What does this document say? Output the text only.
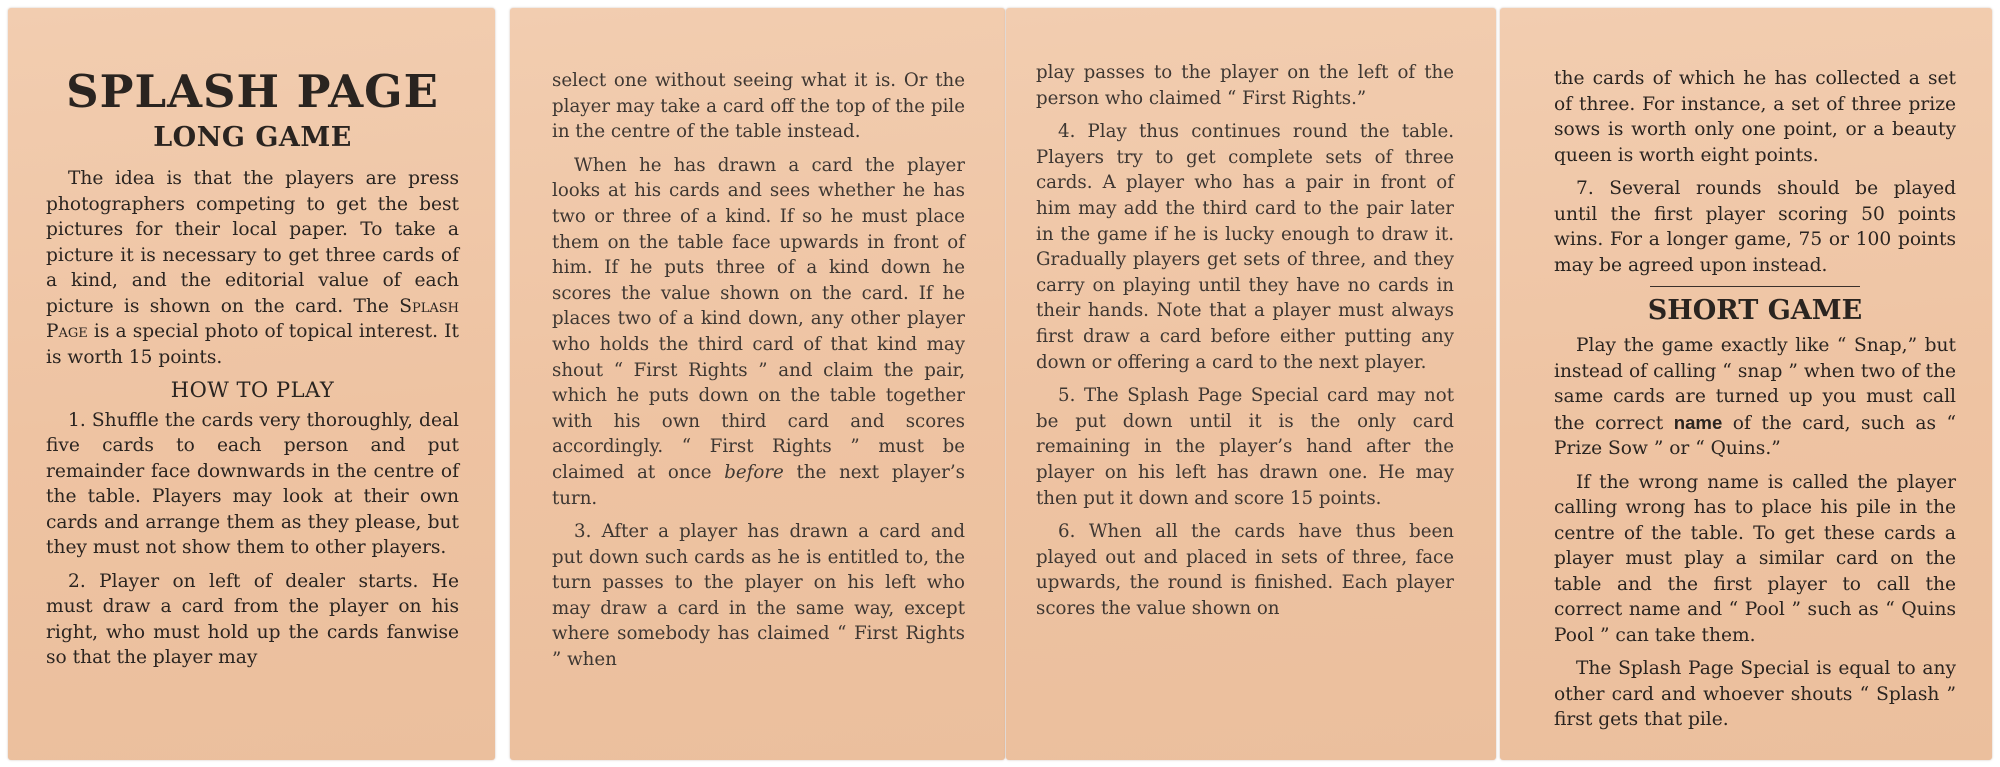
SPLASH PAGE
LONG GAME

The idea is that the players are press photographers competing to get the best pictures for their local paper. To take a picture it is necessary to get three cards of a kind, and the editorial value of each picture is shown on the card. The Splash Page is a special photo of topical interest. It is worth 15 points.

HOW TO PLAY

1. Shuffle the cards very thoroughly, deal five cards to each person and put remainder face downwards in the centre of the table. Players may look at their own cards and arrange them as they please, but they must not show them to other players.

2. Player on left of dealer starts. He must draw a card from the player on his right, who must hold up the cards fanwise so that the player may

select one without seeing what it is. Or the player may take a card off the top of the pile in the centre of the table instead.

When he has drawn a card the player looks at his cards and sees whether he has two or three of a kind. If so he must place them on the table face upwards in front of him. If he puts three of a kind down he scores the value shown on the card. If he places two of a kind down, any other player who holds the third card of that kind may shout “ First Rights ” and claim the pair, which he puts down on the table together with his own third card and scores accordingly. “ First Rights ” must be claimed at once before the next player’s turn.

3. After a player has drawn a card and put down such cards as he is entitled to, the turn passes to the player on his left who may draw a card in the same way, except where somebody has claimed “ First Rights ” when

play passes to the player on the left of the person who claimed “ First Rights.”

4. Play thus continues round the table. Players try to get complete sets of three cards. A player who has a pair in front of him may add the third card to the pair later in the game if he is lucky enough to draw it. Gradually players get sets of three, and they carry on playing until they have no cards in their hands. Note that a player must always first draw a card before either putting any down or offering a card to the next player.

5. The Splash Page Special card may not be put down until it is the only card remaining in the player’s hand after the player on his left has drawn one. He may then put it down and score 15 points.

6. When all the cards have thus been played out and placed in sets of three, face upwards, the round is finished. Each player scores the value shown on

the cards of which he has collected a set of three. For instance, a set of three prize sows is worth only one point, or a beauty queen is worth eight points.

7. Several rounds should be played until the first player scoring 50 points wins. For a longer game, 75 or 100 points may be agreed upon instead.

SHORT GAME

Play the game exactly like “ Snap,” but instead of calling “ snap ” when two of the same cards are turned up you must call the correct name of the card, such as “ Prize Sow ” or “ Quins.”

If the wrong name is called the player calling wrong has to place his pile in the centre of the table. To get these cards a player must play a similar card on the table and the first player to call the correct name and “ Pool ” such as “ Quins Pool ” can take them.

The Splash Page Special is equal to any other card and whoever shouts “ Splash ” first gets that pile.
